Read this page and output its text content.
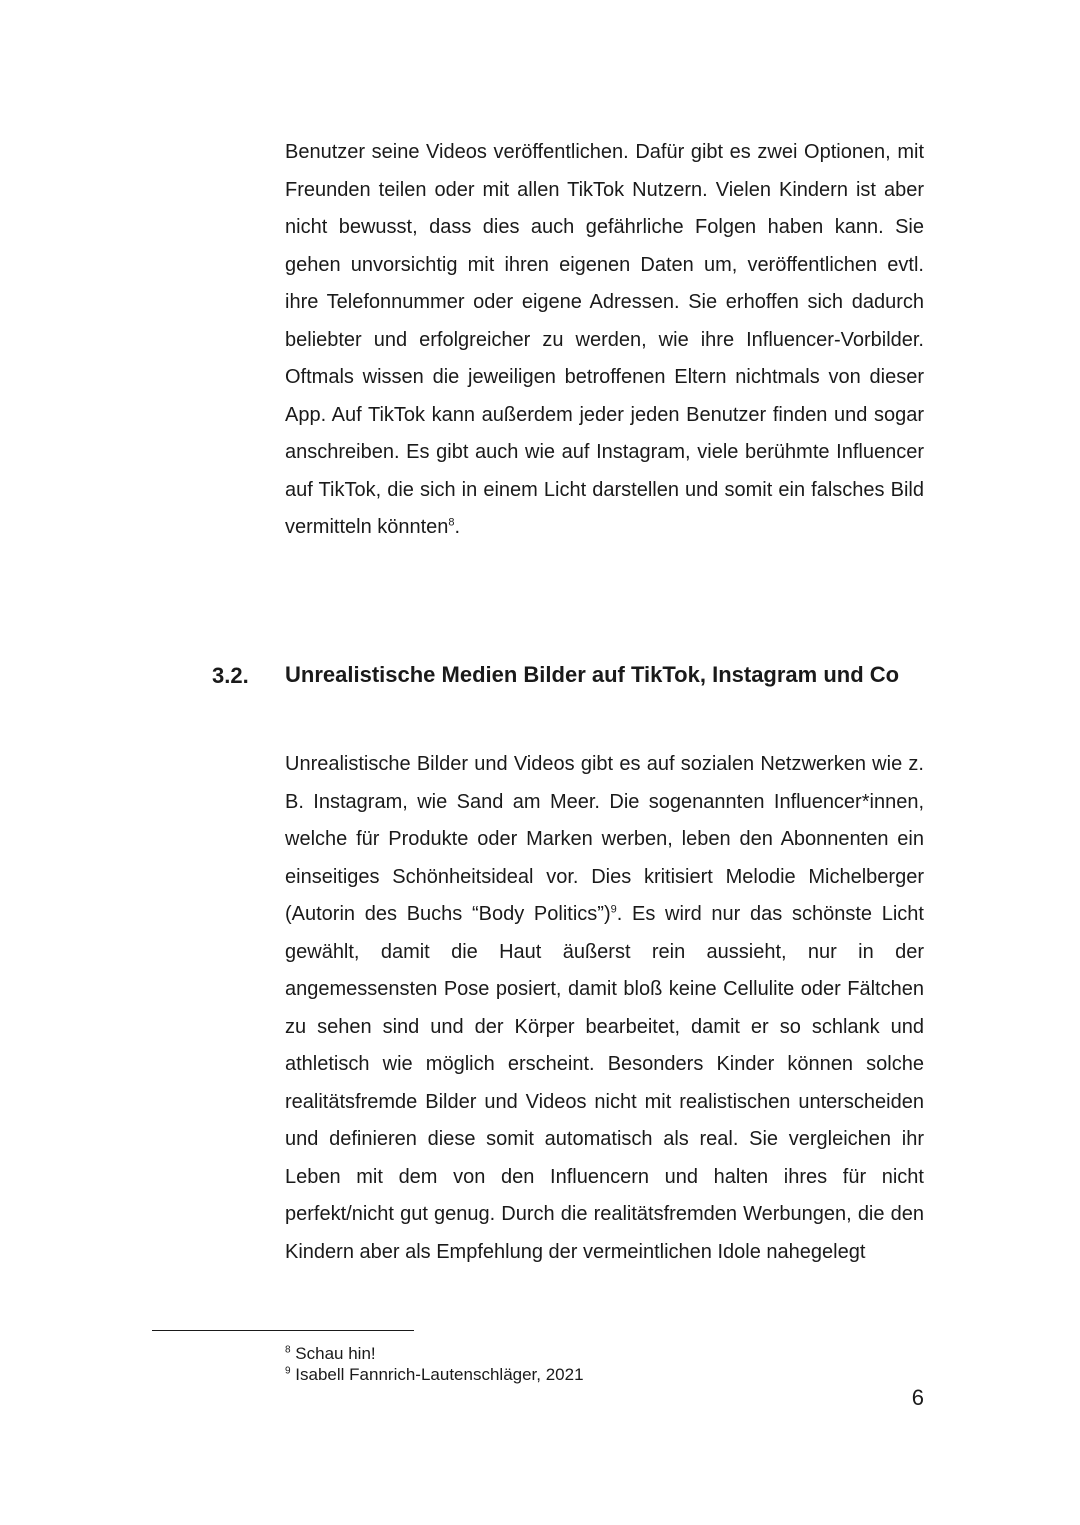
Benutzer seine Videos veröffentlichen. Dafür gibt es zwei Optionen, mit Freunden teilen oder mit allen TikTok Nutzern. Vielen Kindern ist aber nicht bewusst, dass dies auch gefährliche Folgen haben kann. Sie gehen unvorsichtig mit ihren eigenen Daten um, veröffentlichen evtl. ihre Telefonnummer oder eigene Adressen. Sie erhoffen sich dadurch beliebter und erfolgreicher zu werden, wie ihre Influencer-Vorbilder. Oftmals wissen die jeweiligen betroffenen Eltern nichtmals von dieser App. Auf TikTok kann außerdem jeder jeden Benutzer finden und sogar anschreiben. Es gibt auch wie auf Instagram, viele berühmte Influencer auf TikTok, die sich in einem Licht darstellen und somit ein falsches Bild vermitteln könnten$^8$.

3.2. Unrealistische Medien Bilder auf TikTok, Instagram und Co

Unrealistische Bilder und Videos gibt es auf sozialen Netzwerken wie z. B. Instagram, wie Sand am Meer. Die sogenannten Influencer*innen, welche für Produkte oder Marken werben, leben den Abonnenten ein einseitiges Schönheitsideal vor. Dies kritisiert Melodie Michelberger (Autorin des Buchs “Body Politics”)$^9$. Es wird nur das schönste Licht gewählt, damit die Haut äußerst rein aussieht, nur in der angemessensten Pose posiert, damit bloß keine Cellulite oder Fältchen zu sehen sind und der Körper bearbeitet, damit er so schlank und athletisch wie möglich erscheint. Besonders Kinder können solche realitätsfremde Bilder und Videos nicht mit realistischen unterscheiden und definieren diese somit automatisch als real. Sie vergleichen ihr Leben mit dem von den Influencern und halten ihres für nicht perfekt/nicht gut genug. Durch die realitätsfremden Werbungen, die den Kindern aber als Empfehlung der vermeintlichen Idole nahegelegt

$^8$ Schau hin!

$^9$ Isabell Fannrich-Lautenschläger, 2021

6
